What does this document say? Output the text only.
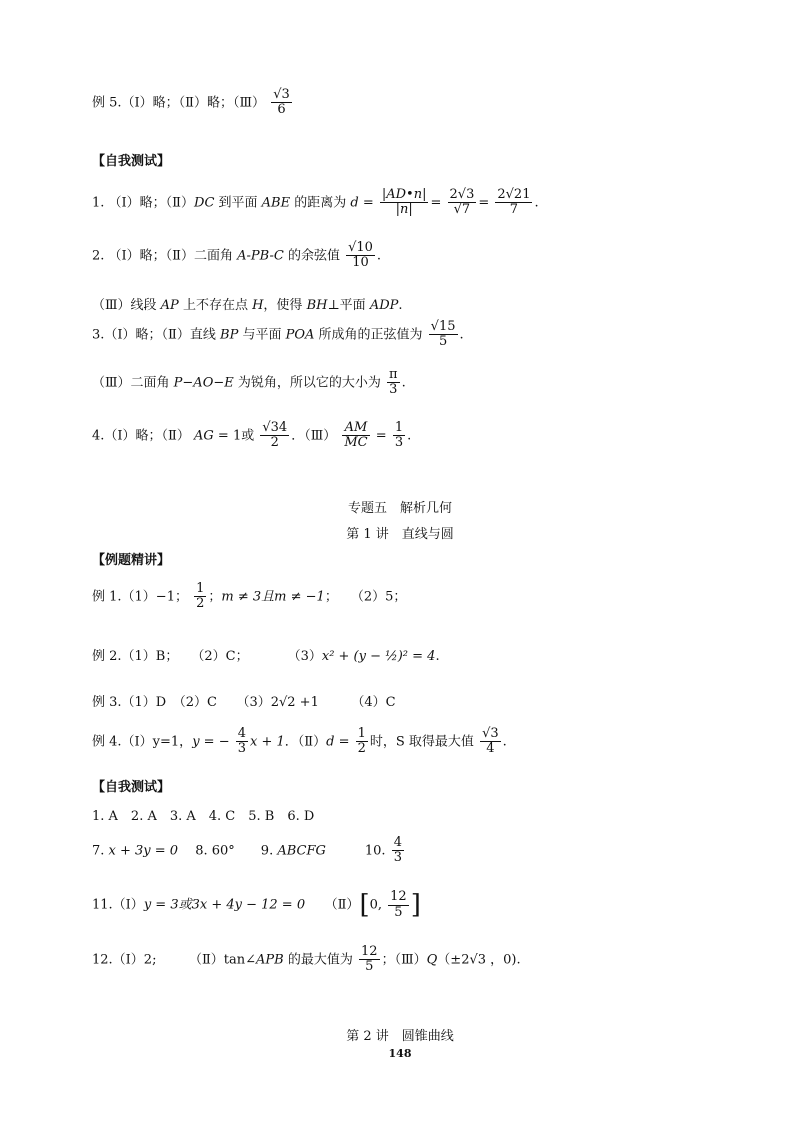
例 5.（Ⅰ）略；（Ⅱ）略；（Ⅲ） $\frac{√3}{6}$
【自我测试】
1. （Ⅰ）略；（Ⅱ）DC 到平面 ABE 的距离为 $d = \frac{|AD•n|}{|n|} = \frac{2√3}{√7} = \frac{2√21}{7}$ .
2. （Ⅰ）略；（Ⅱ）二面角 A-PB-C 的余弦值 $\frac{√10}{10}$ .
（Ⅲ）线段 AP 上不存在点 H，使得 BH⊥平面 ADP.
3.（Ⅰ）略；（Ⅱ）直线 BP 与平面 POA 所成角的正弦值为 $\frac{√15}{5}$ .
（Ⅲ）二面角 P−AO−E 为锐角，所以它的大小为 $\frac{\pi}{3}$ .
4.（Ⅰ）略；（Ⅱ） AG = 1或 $\frac{√34}{2}$ ．（Ⅲ） $\frac{AM}{MC} = \frac{1}{3}$ .
专题五　解析几何
第 1 讲　直线与圆
【例题精讲】
例 1.（1）−1； $\frac{1}{2}$ ；m ≠ 3且m ≠ −1；　　（2）5；
例 2.（1）B；　　（2）C；　　　　（3）x² + (y − ½)² = 4.
例 3.（1）D　（2）C　　（3）2√2 +1　　　（4）C
例 4.（Ⅰ）y=1，y = − $\frac{4}{3}$ x + 1．（Ⅱ）d = $\frac{1}{2}$ 时，S 取得最大值 $\frac{√3}{4}$ .
【自我测试】
1. A　2. A　3. A　4. C　5. B　6. D
7. x + 3y = 0　 8. 60°　　9. ABCFG　　　10. $\frac{4}{3}$
11.（Ⅰ）y = 3或3x + 4y − 12 = 0　　（Ⅱ）[0, $\frac{12}{5}$ ]
12.（Ⅰ）2;　　　（Ⅱ）tan∠APB 的最大值为 $\frac{12}{5}$ ；（Ⅲ）Q（±2√3 ，0).
第 2 讲　圆锥曲线
148
